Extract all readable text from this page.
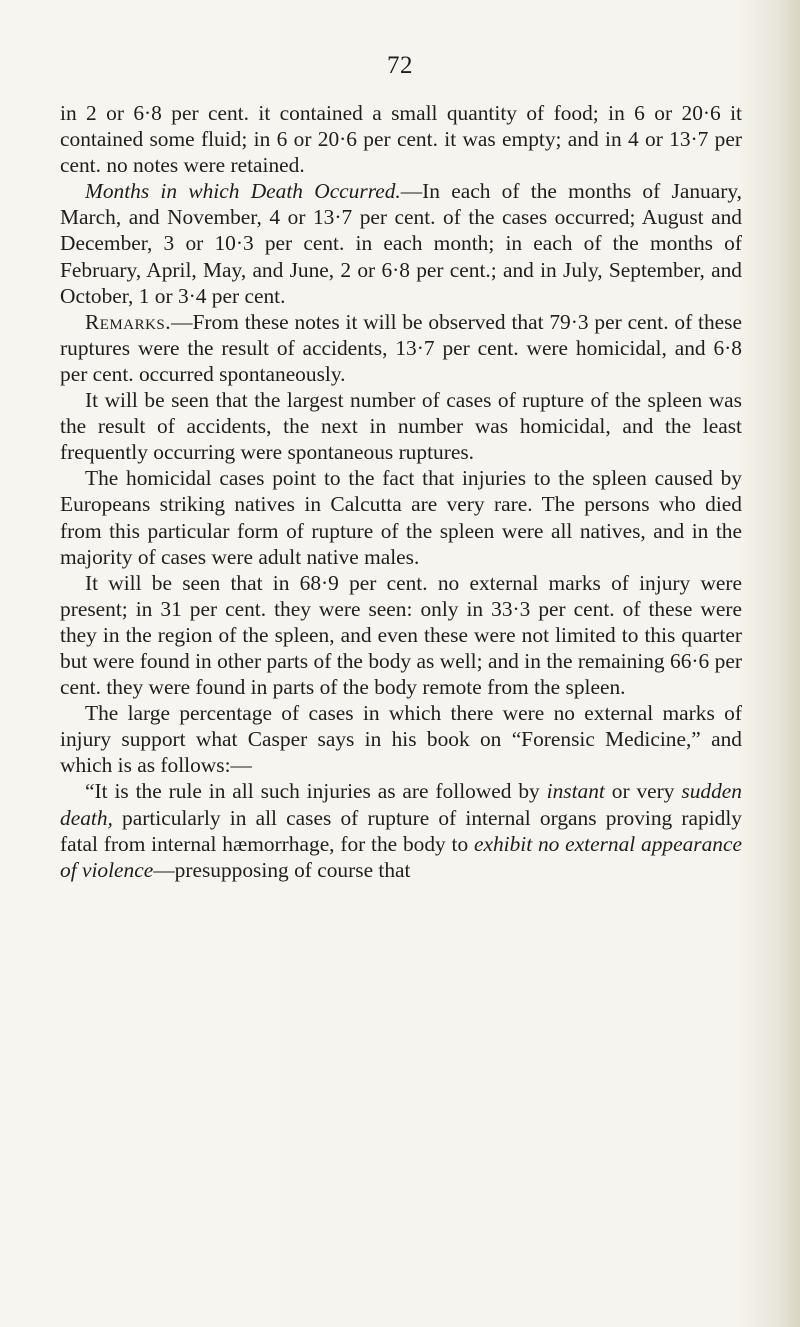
72

in 2 or 6·8 per cent. it contained a small quantity of food; in 6 or 20·6 it contained some fluid; in 6 or 20·6 per cent. it was empty; and in 4 or 13·7 per cent. no notes were retained.

Months in which Death Occurred.—In each of the months of January, March, and November, 4 or 13·7 per cent. of the cases occurred; August and December, 3 or 10·3 per cent. in each month; in each of the months of February, April, May, and June, 2 or 6·8 per cent.; and in July, September, and October, 1 or 3·4 per cent.

Remarks.—From these notes it will be observed that 79·3 per cent. of these ruptures were the result of accidents, 13·7 per cent. were homicidal, and 6·8 per cent. occurred spontaneously.

It will be seen that the largest number of cases of rupture of the spleen was the result of accidents, the next in number was homicidal, and the least frequently occurring were spontaneous ruptures.

The homicidal cases point to the fact that injuries to the spleen caused by Europeans striking natives in Calcutta are very rare. The persons who died from this particular form of rupture of the spleen were all natives, and in the majority of cases were adult native males.

It will be seen that in 68·9 per cent. no external marks of injury were present; in 31 per cent. they were seen: only in 33·3 per cent. of these were they in the region of the spleen, and even these were not limited to this quarter but were found in other parts of the body as well; and in the remaining 66·6 per cent. they were found in parts of the body remote from the spleen.

The large percentage of cases in which there were no external marks of injury support what Casper says in his book on “Forensic Medicine,” and which is as follows:—

“It is the rule in all such injuries as are followed by instant or very sudden death, particularly in all cases of rupture of internal organs proving rapidly fatal from internal hæmorrhage, for the body to exhibit no external appearance of violence—presupposing of course that
